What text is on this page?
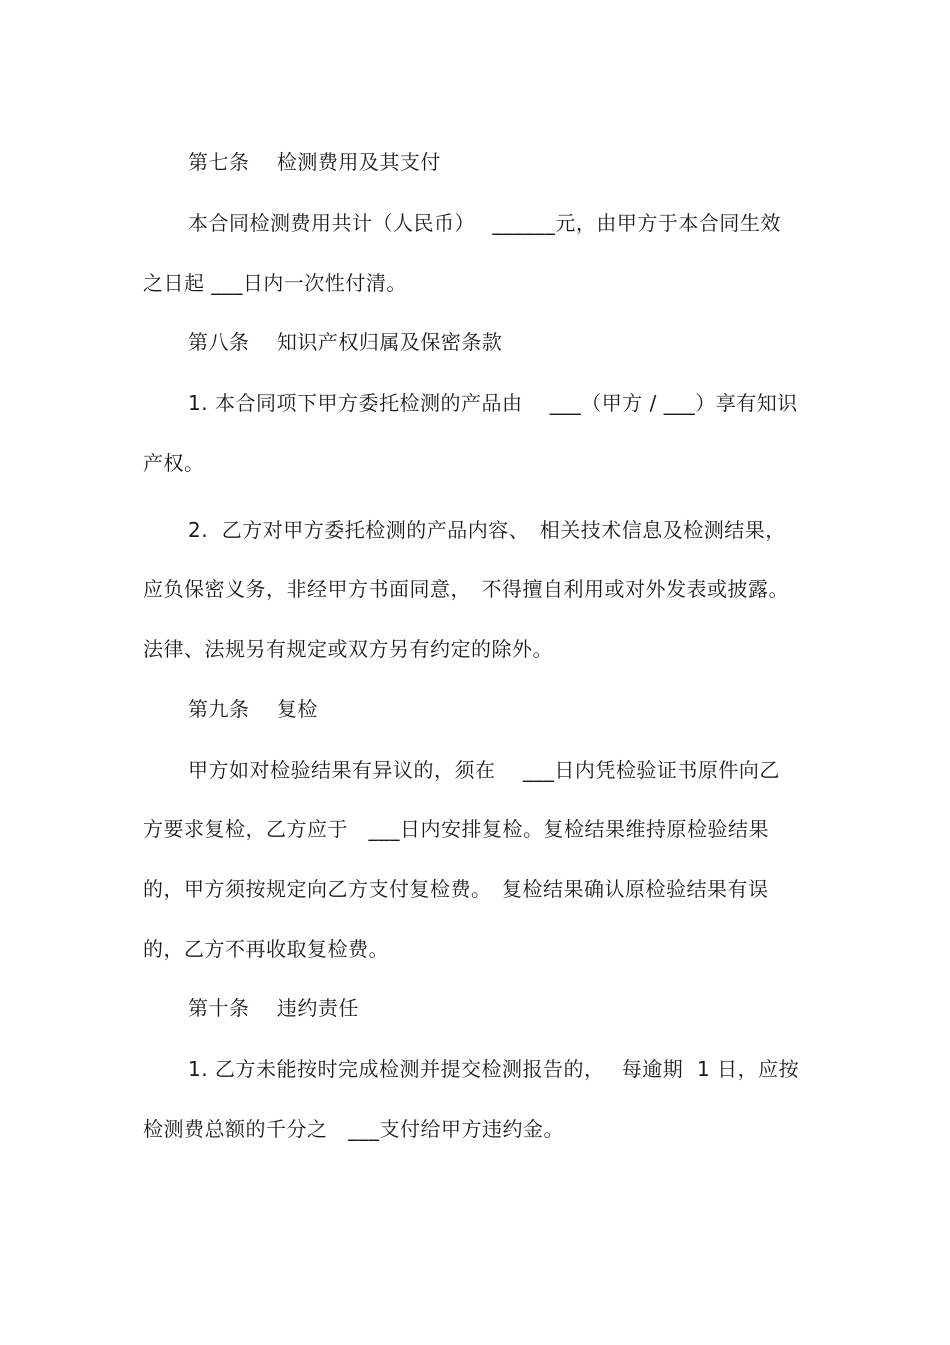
第七条　 检测费用及其支付
本合同检测费用共计（人民币）　 ______元，由甲方于本合同生效
之日起 ___日内一次性付清。
第八条　 知识产权归属及保密条款
1. 本合同项下甲方委托检测的产品由　 ___（甲方 / ___）享有知识
产权。
2.  乙方对甲方委托检测的产品内容、　相关技术信息及检测结果，
应负保密义务，非经甲方书面同意，　不得擅自利用或对外发表或披露。
法律、法规另有规定或双方另有约定的除外。
第九条　 复检
甲方如对检验结果有异议的，须在　 ___日内凭检验证书原件向乙
方要求复检，乙方应于　___日内安排复检。复检结果维持原检验结果
的，甲方须按规定向乙方支付复检费。　复检结果确认原检验结果有误
的，乙方不再收取复检费。
第十条　 违约责任
1. 乙方未能按时完成检测并提交检测报告的，　 每逾期  1 日，应按
检测费总额的千分之　___支付给甲方违约金。
